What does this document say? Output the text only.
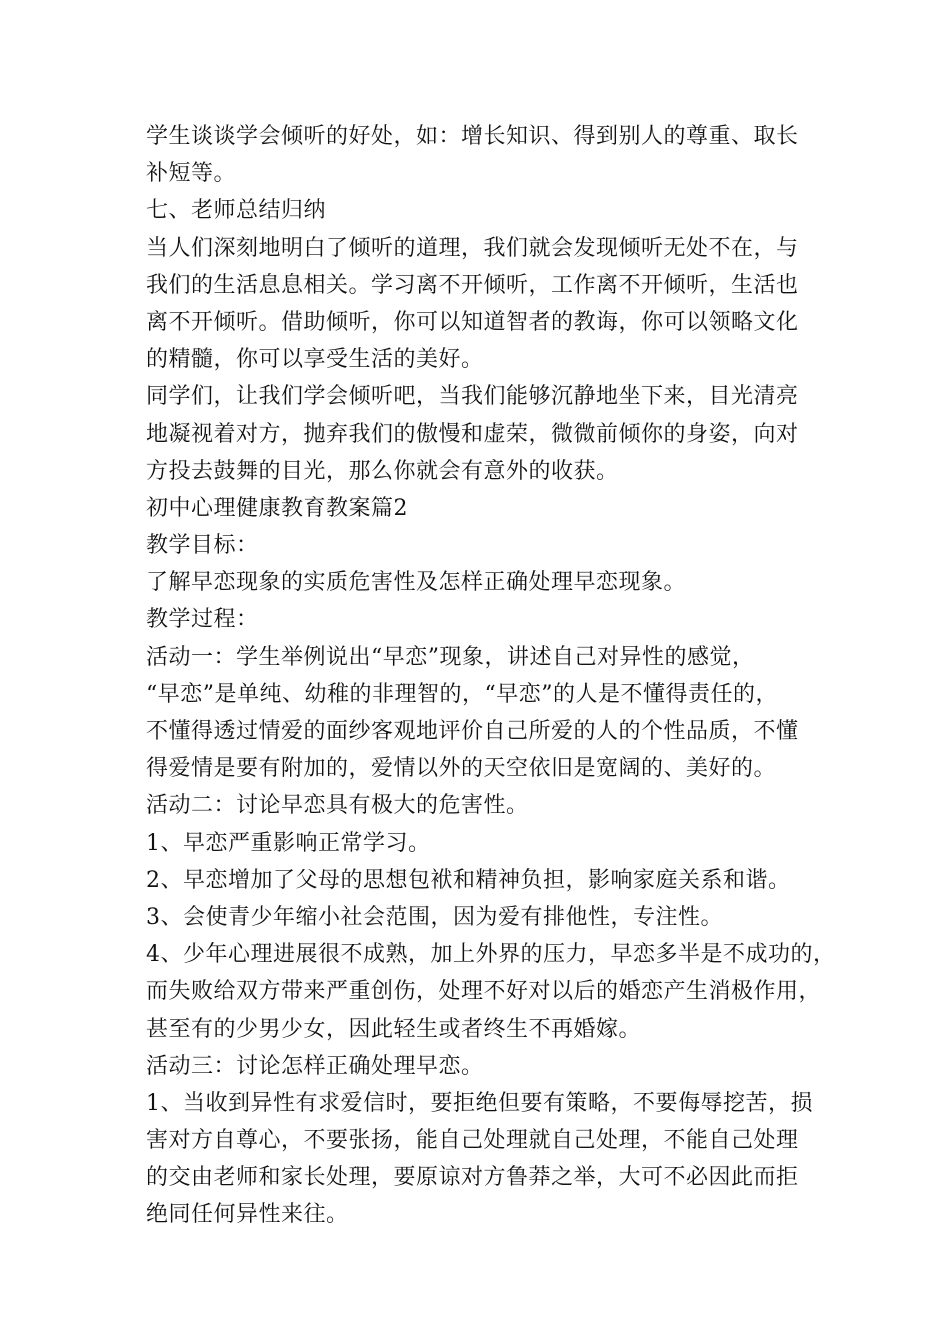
学生谈谈学会倾听的好处，如：增长知识、得到别人的尊重、取长
补短等。
七、老师总结归纳
当人们深刻地明白了倾听的道理，我们就会发现倾听无处不在，与
我们的生活息息相关。学习离不开倾听，工作离不开倾听，生活也
离不开倾听。借助倾听，你可以知道智者的教诲，你可以领略文化
的精髓，你可以享受生活的美好。
同学们，让我们学会倾听吧，当我们能够沉静地坐下来，目光清亮
地凝视着对方，抛弃我们的傲慢和虚荣，微微前倾你的身姿，向对
方投去鼓舞的目光，那么你就会有意外的收获。
初中心理健康教育教案篇2
教学目标：
了解早恋现象的实质危害性及怎样正确处理早恋现象。
教学过程：
活动一：学生举例说出“早恋”现象，讲述自己对异性的感觉，
“早恋”是单纯、幼稚的非理智的，“早恋”的人是不懂得责任的，
不懂得透过情爱的面纱客观地评价自己所爱的人的个性品质，不懂
得爱情是要有附加的，爱情以外的天空依旧是宽阔的、美好的。
活动二：讨论早恋具有极大的危害性。
1、早恋严重影响正常学习。
2、早恋增加了父母的思想包袱和精神负担，影响家庭关系和谐。
3、会使青少年缩小社会范围，因为爱有排他性，专注性。
4、少年心理进展很不成熟，加上外界的压力，早恋多半是不成功的，
而失败给双方带来严重创伤，处理不好对以后的婚恋产生消极作用，
甚至有的少男少女，因此轻生或者终生不再婚嫁。
活动三：讨论怎样正确处理早恋。
1、当收到异性有求爱信时，要拒绝但要有策略，不要侮辱挖苦，损
害对方自尊心，不要张扬，能自己处理就自己处理，不能自己处理
的交由老师和家长处理，要原谅对方鲁莽之举，大可不必因此而拒
绝同任何异性来往。
